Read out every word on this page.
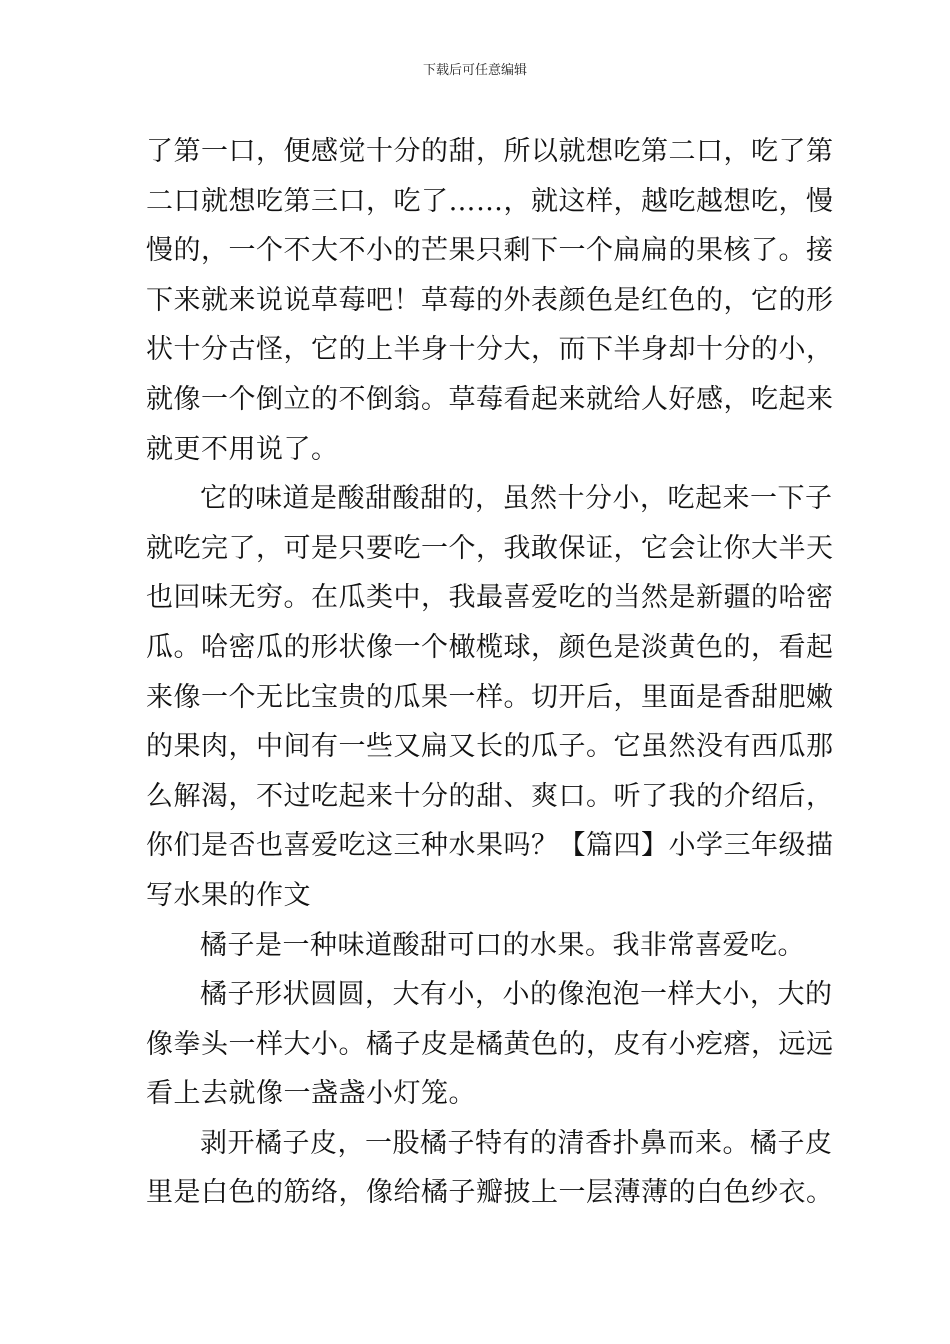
下载后可任意编辑
了第一口，便感觉十分的甜，所以就想吃第二口，吃了第
二口就想吃第三口，吃了……，就这样，越吃越想吃，慢
慢的，一个不大不小的芒果只剩下一个扁扁的果核了。接
下来就来说说草莓吧！草莓的外表颜色是红色的，它的形
状十分古怪，它的上半身十分大，而下半身却十分的小，
就像一个倒立的不倒翁。草莓看起来就给人好感，吃起来
就更不用说了。
它的味道是酸甜酸甜的，虽然十分小，吃起来一下子
就吃完了，可是只要吃一个，我敢保证，它会让你大半天
也回味无穷。在瓜类中，我最喜爱吃的当然是新疆的哈密
瓜。哈密瓜的形状像一个橄榄球，颜色是淡黄色的，看起
来像一个无比宝贵的瓜果一样。切开后，里面是香甜肥嫩
的果肉，中间有一些又扁又长的瓜子。它虽然没有西瓜那
么解渴，不过吃起来十分的甜、爽口。听了我的介绍后，
你们是否也喜爱吃这三种水果吗？【篇四】小学三年级描
写水果的作文
橘子是一种味道酸甜可口的水果。我非常喜爱吃。
橘子形状圆圆，大有小，小的像泡泡一样大小，大的
像拳头一样大小。橘子皮是橘黄色的，皮有小疙瘩，远远
看上去就像一盏盏小灯笼。
剥开橘子皮，一股橘子特有的清香扑鼻而来。橘子皮
里是白色的筋络，像给橘子瓣披上一层薄薄的白色纱衣。
